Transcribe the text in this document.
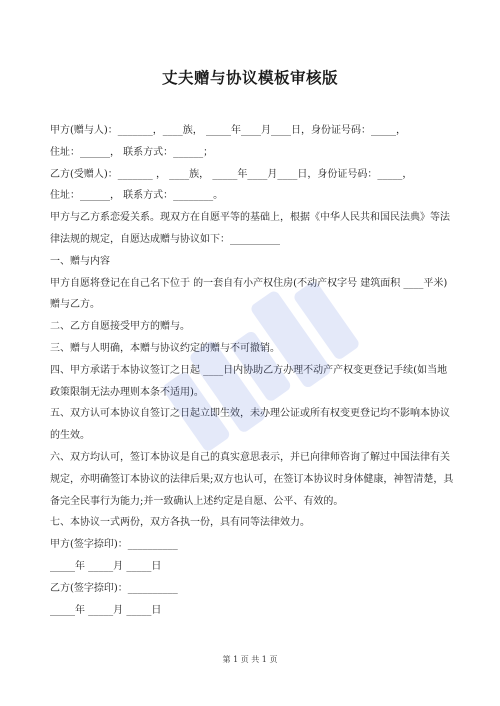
丈夫赠与协议模板审核版
甲方(赠与人)：_______，____族， _____年____月____日，身份证号码：_____，
住址：______， 联系方式：______；
乙方(受赠人)：_______ ， ____族， _____年____月____日，身份证号码：_____，
住址：______， 联系方式：________。
甲方与乙方系恋爱关系。现双方在自愿平等的基础上，根据《中华人民共和国民法典》等法律法规的规定，自愿达成赠与协议如下：__________
一、赠与内容
甲方自愿将登记在自己名下位于 的一套自有小产权住房(不动产权字号 建筑面积 ____平米)赠与乙方。
二、乙方自愿接受甲方的赠与。
三、赠与人明确，本赠与协议约定的赠与不可撤销。
四、甲方承诺于本协议签订之日起 ____日内协助乙方办理不动产产权变更登记手续(如当地政策限制无法办理则本条不适用)。
五、双方认可本协议自签订之日起立即生效，未办理公证或所有权变更登记均不影响本协议的生效。
六、双方均认可，签订本协议是自己的真实意思表示，并已向律师咨询了解过中国法律有关规定，亦明确签订本协议的法律后果;双方也认可，在签订本协议时身体健康，神智清楚，具备完全民事行为能力;并一致确认上述约定是自愿、公平、有效的。
七、本协议一式两份，双方各执一份，具有同等法律效力。
甲方(签字捺印)：__________
_____年 _____月 _____日
乙方(签字捺印)：__________
_____年 _____月 _____日
第 1 页 共 1 页
